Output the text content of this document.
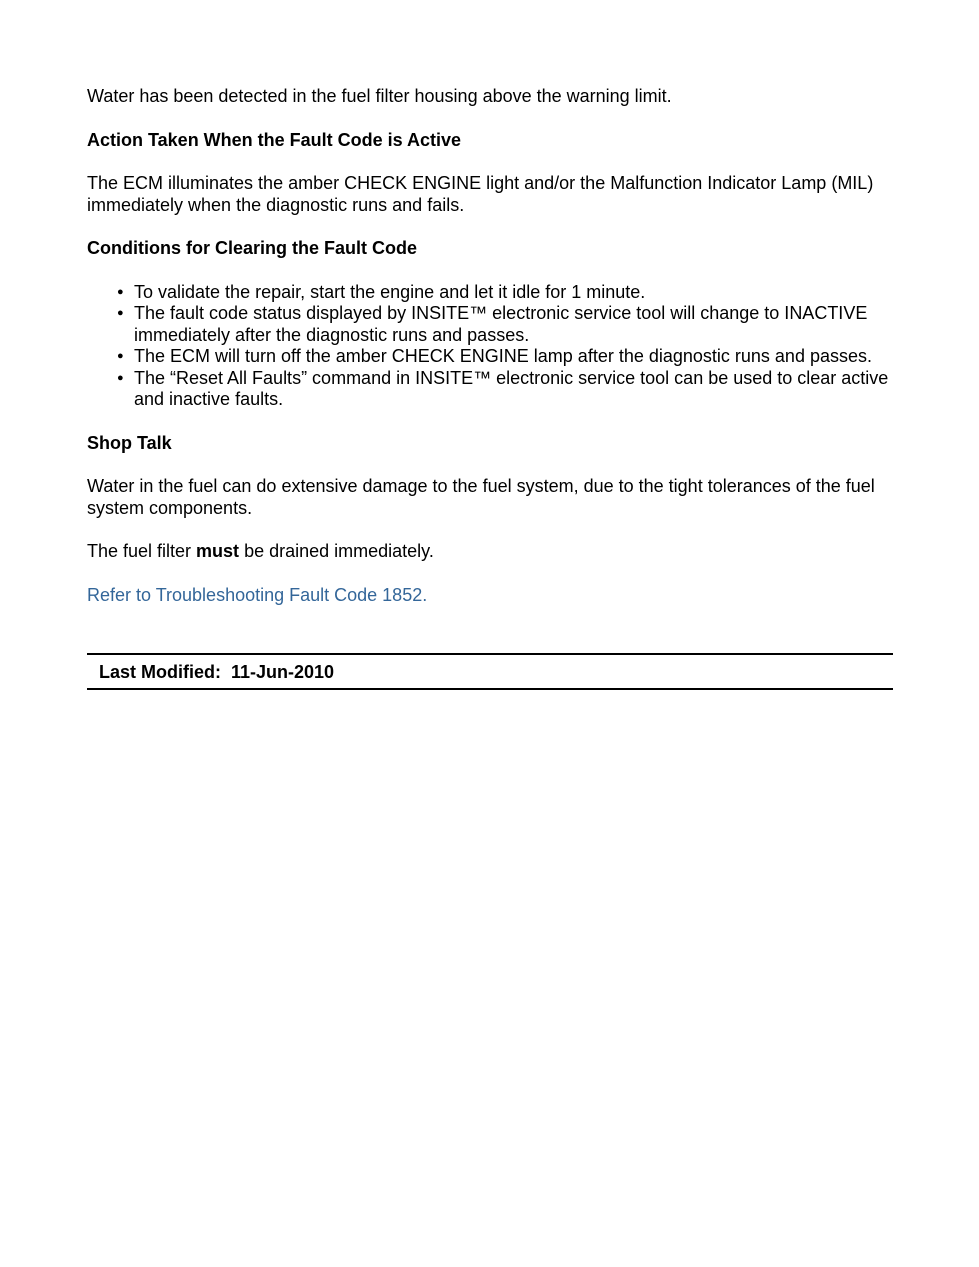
Water has been detected in the fuel filter housing above the warning limit.

Action Taken When the Fault Code is Active

The ECM illuminates the amber CHECK ENGINE light and/or the Malfunction Indicator Lamp (MIL) immediately when the diagnostic runs and fails.

Conditions for Clearing the Fault Code
● To validate the repair, start the engine and let it idle for 1 minute.
● The fault code status displayed by INSITE™ electronic service tool will change to INACTIVE immediately after the diagnostic runs and passes.
● The ECM will turn off the amber CHECK ENGINE lamp after the diagnostic runs and passes.
● The “Reset All Faults” command in INSITE™ electronic service tool can be used to clear active and inactive faults.
Shop Talk

Water in the fuel can do extensive damage to the fuel system, due to the tight tolerances of the fuel system components.

The fuel filter must be drained immediately.

Refer to Troubleshooting Fault Code 1852.

Last Modified:  11-Jun-2010
